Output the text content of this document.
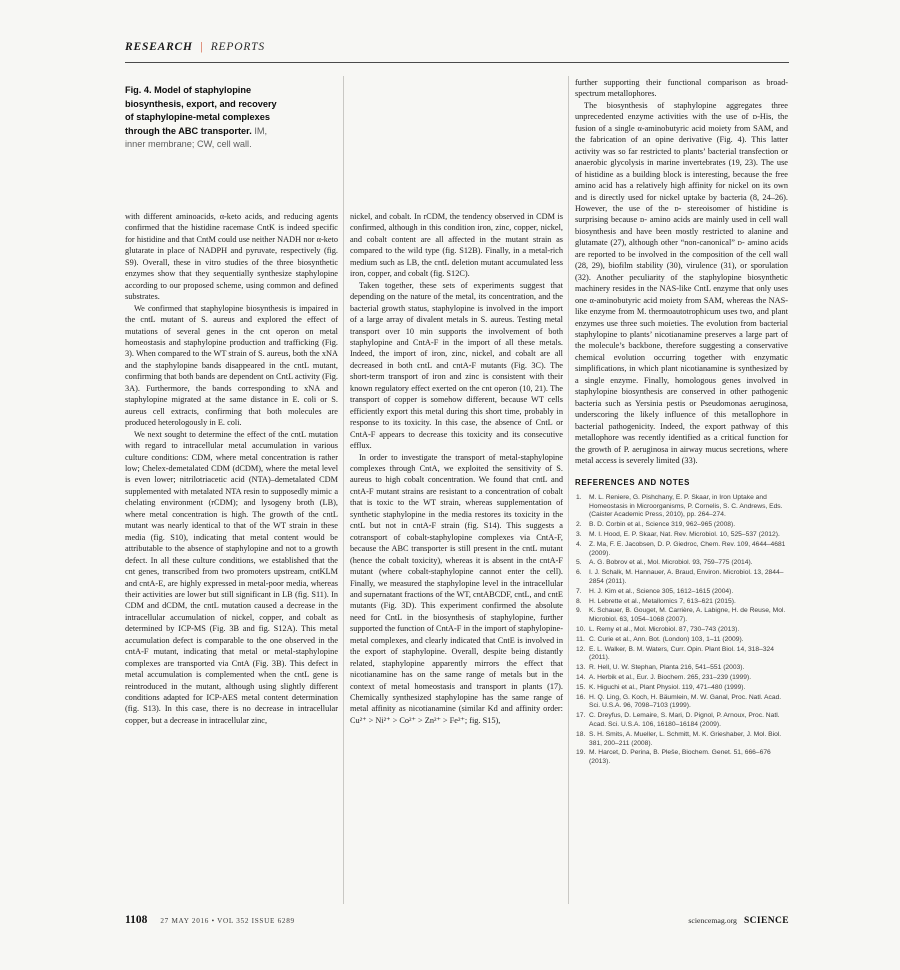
RESEARCH | REPORTS
Fig. 4. Model of staphylopine biosynthesis, export, and recovery of staphylopine-metal complexes through the ABC transporter. IM, inner membrane; CW, cell wall.

with different aminoacids, α-keto acids, and reducing agents confirmed that the histidine racemase CntK is indeed specific for histidine and that CntM could use neither NADH nor α-keto glutarate in place of NADPH and pyruvate, respectively (fig. S9). Overall, these in vitro studies of the three biosynthetic enzymes show that they sequentially synthesize staphylopine according to our proposed scheme, using common and defined substrates.

We confirmed that staphylopine biosynthesis is impaired in the cntL mutant of S. aureus and explored the effect of mutations of several genes in the cnt operon on metal homeostasis and staphylopine production and trafficking (Fig. 3). When compared to the WT strain of S. aureus, both the xNA and the staphylopine bands disappeared in the cntL mutant, confirming that both bands are dependent on CntL activity (Fig. 3A). Furthermore, the bands corresponding to xNA and staphylopine migrated at the same distance in E. coli or S. aureus cell extracts, confirming that both molecules are produced heterologously in E. coli.

We next sought to determine the effect of the cntL mutation with regard to intracellular metal accumulation in various culture conditions: CDM, where metal concentration is rather low; Chelex-demetalated CDM (dCDM), where the metal level is even lower; nitrilotriacetic acid (NTA)–demetalated CDM supplemented with metalated NTA resin to supposedly mimic a chelating environment (rCDM); and lysogeny broth (LB), where metal concentration is high. The growth of the cntL mutant was nearly identical to that of the WT strain in these media (fig. S10), indicating that metal content would be attributable to the absence of staphylopine and not to a growth defect. In all these culture conditions, we established that the cnt genes, transcribed from two promoters upstream, cntKLM and cntA-E, are highly expressed in metal-poor media, whereas their activities are lower but still significant in LB (fig. S11). In CDM and dCDM, the cntL mutation caused a decrease in the intracellular accumulation of nickel, copper, and cobalt as determined by ICP-MS (Fig. 3B and fig. S12A). This metal accumulation defect is comparable to the one observed in the cntA-F mutant, indicating that metal or metal-staphylopine complexes are transported via CntA (Fig. 3B). This defect in metal accumulation is complemented when the cntL gene is reintroduced in the mutant, although using slightly different conditions adapted for ICP-AES metal content determination (fig. S13). In this case, there is no decrease in intracellular copper, but a decrease in intracellular zinc,

nickel, and cobalt. In rCDM, the tendency observed in CDM is confirmed, although in this condition iron, zinc, copper, nickel, and cobalt content are all affected in the mutant strain as compared to the wild type (fig. S12B). Finally, in a metal-rich medium such as LB, the cntL deletion mutant accumulated less iron, copper, and cobalt (fig. S12C).

Taken together, these sets of experiments suggest that depending on the nature of the metal, its concentration, and the bacterial growth status, staphylopine is involved in the import of a large array of divalent metals in S. aureus. Testing metal transport over 10 min supports the involvement of both staphylopine and CntA-F in the import of all these metals. Indeed, the import of iron, zinc, nickel, and cobalt are all decreased in both cntL and cntA-F mutants (Fig. 3C). The short-term transport of iron and zinc is consistent with their known regulatory effect exerted on the cnt operon (10, 21). The transport of copper is somehow different, because WT cells efficiently export this metal during this short time, probably in response to its toxicity. In this case, the absence of CntL or CntA-F appears to decrease this toxicity and its consecutive efflux.

In order to investigate the transport of metal-staphylopine complexes through CntA, we exploited the sensitivity of S. aureus to high cobalt concentration. We found that cntL and cntA-F mutant strains are resistant to a concentration of cobalt that is toxic to the WT strain, whereas supplementation of synthetic staphylopine in the media restores its toxicity in the cntL but not in cntA-F strain (fig. S14). This suggests a cotransport of cobalt-staphylopine complexes via CntA-F, because the ABC transporter is still present in the cntL mutant (hence the cobalt toxicity), whereas it is absent in the cntA-F mutant (where cobalt-staphylopine cannot enter the cell). Finally, we measured the staphylopine level in the intracellular and supernatant fractions of the WT, cntABCDF, cntL, and cntE mutants (Fig. 3D). This experiment confirmed the absolute need for CntL in the biosynthesis of staphylopine, further supported the function of CntA-F in the import of staphylopine-metal complexes, and clearly indicated that CntE is involved in the export of staphylopine. Overall, despite being distantly related, staphylopine apparently mirrors the effect that nicotianamine has on the same range of metals but in the context of metal homeostasis and transport in plants (17). Chemically synthesized staphylopine has the same range of metal affinity as nicotianamine (similar Kd and affinity order: Cu²⁺ > Ni²⁺ > Co²⁺ > Zn²⁺ > Fe²⁺; fig. S15),

further supporting their functional comparison as broad-spectrum metallophores.

The biosynthesis of staphylopine aggregates three unprecedented enzyme activities with the use of ᴅ-His, the fusion of a single α-aminobutyric acid moiety from SAM, and the fabrication of an opine derivative (Fig. 4). This latter activity was so far restricted to plants’ bacterial transfection or anaerobic glycolysis in marine invertebrates (19, 23). The use of histidine as a building block is interesting, because the free amino acid has a relatively high affinity for nickel on its own and is directly used for nickel uptake by bacteria (8, 24–26). However, the use of the ᴅ- stereoisomer of histidine is surprising because ᴅ- amino acids are mainly used in cell wall biosynthesis and have been mostly restricted to alanine and glutamate (27), although other “non-canonical” ᴅ- amino acids are reported to be involved in the composition of the cell wall (28, 29), biofilm stability (30), virulence (31), or sporulation (32). Another peculiarity of the staphylopine biosynthetic machinery resides in the NAS-like CntL enzyme that only uses one α-aminobutyric acid moiety from SAM, whereas the NAS-like enzyme from M. thermoautotrophicum uses two, and plant enzymes use three such moieties. The evolution from bacterial staphylopine to plants’ nicotianamine preserves a large part of the molecule’s backbone, therefore suggesting a conservative chemical evolution occurring together with enzymatic simplifications, in which plant nicotianamine is synthesized by a single enzyme. Finally, homologous genes involved in staphylopine biosynthesis are conserved in other pathogenic bacteria such as Yersinia pestis or Pseudomonas aeruginosa, underscoring the likely influence of this metallophore in bacterial pathogenicity. Indeed, the export pathway of this metallophore was recently identified as a critical function for the growth of P. aeruginosa in airway mucus secretions, where metal access is severely limited (33).

REFERENCES AND NOTES
M. L. Reniere, G. Pishchany, E. P. Skaar, in Iron Uptake and Homeostasis in Microorganisms, P. Cornelis, S. C. Andrews, Eds. (Caister Academic Press, 2010), pp. 264–274.
B. D. Corbin et al., Science 319, 962–965 (2008).
M. I. Hood, E. P. Skaar, Nat. Rev. Microbiol. 10, 525–537 (2012).
Z. Ma, F. E. Jacobsen, D. P. Giedroc, Chem. Rev. 109, 4644–4681 (2009).
A. G. Bobrov et al., Mol. Microbiol. 93, 759–775 (2014).
I. J. Schalk, M. Hannauer, A. Braud, Environ. Microbiol. 13, 2844–2854 (2011).
H. J. Kim et al., Science 305, 1612–1615 (2004).
H. Lebrette et al., Metallomics 7, 613–621 (2015).
K. Schauer, B. Gouget, M. Carrière, A. Labigne, H. de Reuse, Mol. Microbiol. 63, 1054–1068 (2007).
L. Remy et al., Mol. Microbiol. 87, 730–743 (2013).
C. Curie et al., Ann. Bot. (London) 103, 1–11 (2009).
E. L. Walker, B. M. Waters, Curr. Opin. Plant Biol. 14, 318–324 (2011).
R. Hell, U. W. Stephan, Planta 216, 541–551 (2003).
A. Herbik et al., Eur. J. Biochem. 265, 231–239 (1999).
K. Higuchi et al., Plant Physiol. 119, 471–480 (1999).
H. Q. Ling, G. Koch, H. Bäumlein, M. W. Ganal, Proc. Natl. Acad. Sci. U.S.A. 96, 7098–7103 (1999).
C. Dreyfus, D. Lemaire, S. Mari, D. Pignol, P. Arnoux, Proc. Natl. Acad. Sci. U.S.A. 106, 16180–16184 (2009).
S. H. Smits, A. Mueller, L. Schmitt, M. K. Grieshaber, J. Mol. Biol. 381, 200–211 (2008).
M. Harcet, D. Perina, B. Pleše, Biochem. Genet. 51, 666–676 (2013).
1108 27 MAY 2016 • VOL 352 ISSUE 6289	sciencemag.org SCIENCE
